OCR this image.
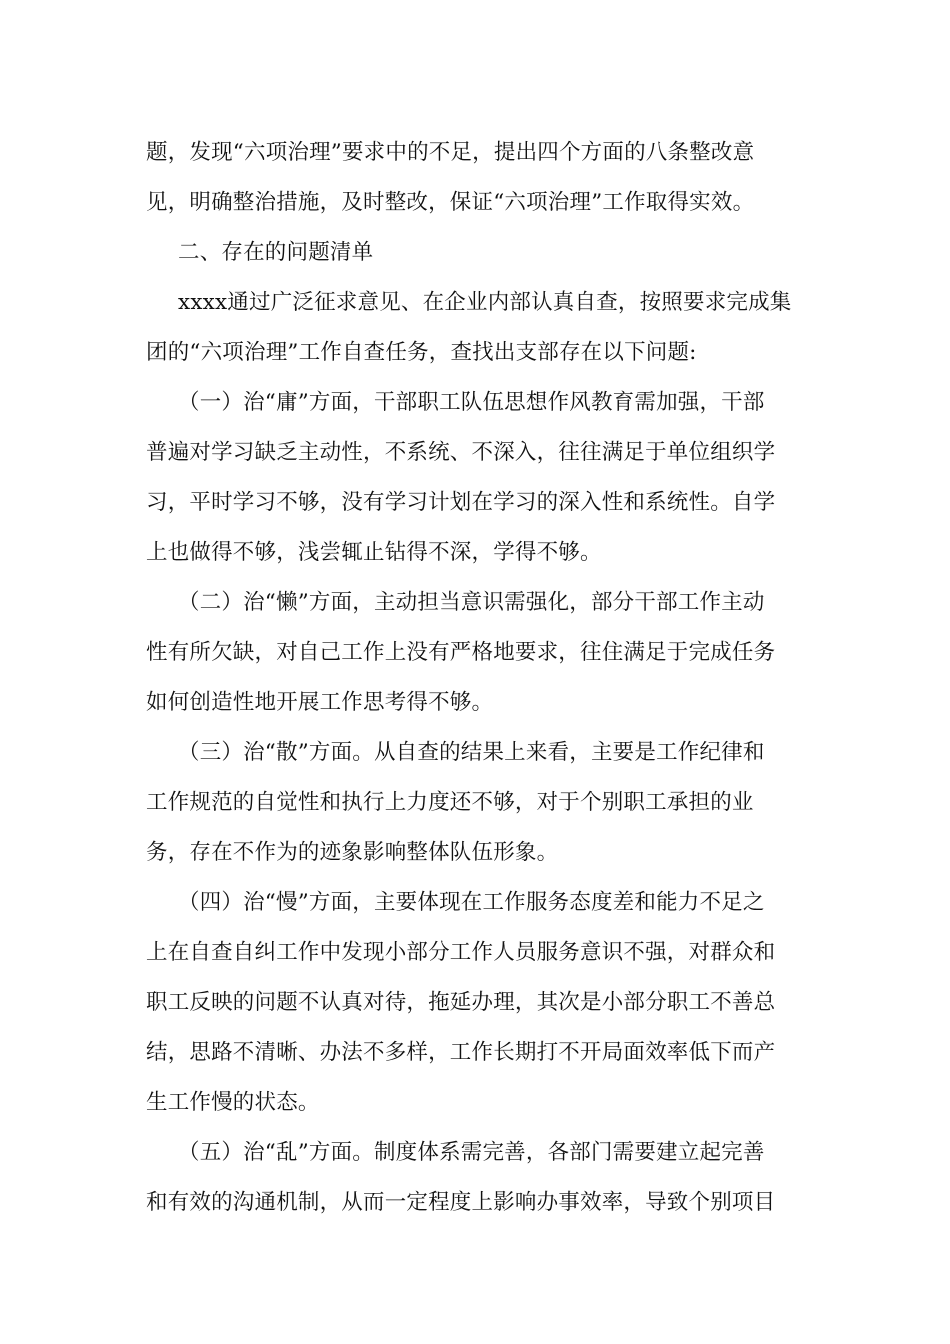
题，发现“六项治理”要求中的不足，提出四个方面的八条整改意
见，明确整治措施，及时整改，保证“六项治理”工作取得实效。
二、存在的问题清单
xxxx通过广泛征求意见、在企业内部认真自查，按照要求完成集
团的“六项治理”工作自查任务，查找出支部存在以下问题:
（一）治“庸”方面，干部职工队伍思想作风教育需加强，干部
普遍对学习缺乏主动性，不系统、不深入，往往满足于单位组织学
习，平时学习不够，没有学习计划在学习的深入性和系统性。自学
上也做得不够，浅尝辄止钻得不深，学得不够。
（二）治“懒”方面，主动担当意识需强化，部分干部工作主动
性有所欠缺，对自己工作上没有严格地要求，往住满足于完成任务
如何创造性地开展工作思考得不够。
（三）治“散”方面。从自查的结果上来看，主要是工作纪律和
工作规范的自觉性和执行上力度还不够，对于个别职工承担的业
务，存在不作为的迹象影响整体队伍形象。
（四）治“慢”方面，主要体现在工作服务态度差和能力不足之
上在自查自纠工作中发现小部分工作人员服务意识不强，对群众和
职工反映的问题不认真对待，拖延办理，其次是小部分职工不善总
结，思路不清晰、办法不多样，工作长期打不开局面效率低下而产
生工作慢的状态。
（五）治“乱”方面。制度体系需完善，各部门需要建立起完善
和有效的沟通机制，从而一定程度上影响办事效率，导致个别项目
